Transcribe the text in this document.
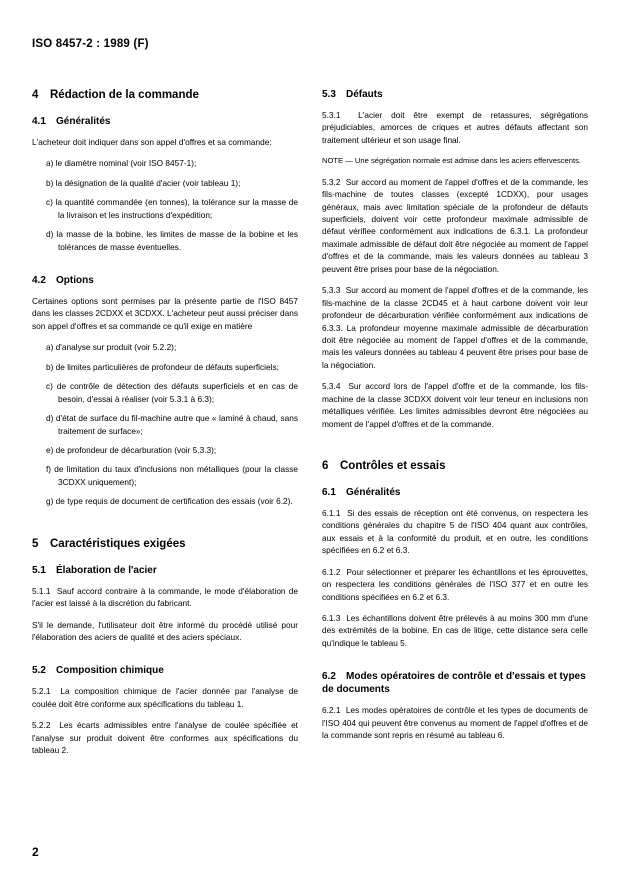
ISO 8457-2 : 1989 (F)
4 Rédaction de la commande
4.1 Généralités

L'acheteur doit indiquer dans son appel d'offres et sa commande:

a) le diamètre nominal (voir ISO 8457-1);
b) la désignation de la qualité d'acier (voir tableau 1);
c) la quantité commandée (en tonnes), la tolérance sur la masse de la livraison et les instructions d'expédition;
d) la masse de la bobine, les limites de masse de la bobine et les tolérances de masse éventuelles.
4.2 Options

Certaines options sont permises par la présente partie de l'ISO 8457 dans les classes 2CDXX et 3CDXX. L'acheteur peut aussi préciser dans son appel d'offres et sa commande ce qu'il exige en matière

a) d'analyse sur produit (voir 5.2.2);
b) de limites particulières de profondeur de défauts superficiels;
c) de contrôle de détection des défauts superficiels et en cas de besoin, d'essai à réaliser (voir 5.3.1 à 6.3);
d) d'état de surface du fil-machine autre que « laminé à chaud, sans traitement de surface»;
e) de profondeur de décarburation (voir 5.3.3);
f) de limitation du taux d'inclusions non métalliques (pour la classe 3CDXX uniquement);
g) de type requis de document de certification des essais (voir 6.2).
5 Caractéristiques exigées
5.1 Élaboration de l'acier

5.1.1 Sauf accord contraire à la commande, le mode d'élaboration de l'acier est laissé à la discrétion du fabricant.

S'il le demande, l'utilisateur doit être informé du procédé utilisé pour l'élaboration des aciers de qualité et des aciers spéciaux.

5.2 Composition chimique

5.2.1 La composition chimique de l'acier donnée par l'analyse de coulée doit être conforme aux spécifications du tableau 1.

5.2.2 Les écarts admissibles entre l'analyse de coulée spécifiée et l'analyse sur produit doivent être conformes aux spécifications du tableau 2.

5.3 Défauts

5.3.1 L'acier doit être exempt de retassures, ségrégations préjudiciables, amorces de criques et autres défauts affectant son traitement ultérieur et son usage final.

NOTE — Une ségrégation normale est admise dans les aciers effervescents.

5.3.2 Sur accord au moment de l'appel d'offres et de la commande, les fils-machine de toutes classes (excepté 1CDXX), pour usages généraux, mais avec limitation spéciale de la profondeur de défauts superficiels, doivent voir cette profondeur maximale admissible de défaut vérifiee conformément aux indications de 6.3.1. La profondeur maximale admissible de défaut doit être négociée au moment de l'appel d'offres et de la commande, mais les valeurs données au tableau 3 peuvent être prises pour base de la négociation.

5.3.3 Sur accord au moment de l'appel d'offres et de la commande, les fils-machine de la classe 2CD45 et à haut carbone doivent voir leur profondeur de décarburation vérifiée conformément aux indications de 6.3.3. La profondeur moyenne maximale admissible de décarburation doit être négociée au moment de l'appel d'offres et de la commande, mais les valeurs données au tableau 4 peuvent être prises pour base de la négociation.

5.3.4 Sur accord lors de l'appel d'offre et de la commande, los fils-machine de la classe 3CDXX doivent voir leur teneur en inclusions non métalliques vérifiée. Les limites admissibles devront être négociées au moment de l'appel d'offres et de la commande.

6 Contrôles et essais
6.1 Généralités

6.1.1 Si des essais de réception ont été convenus, on respectera les conditions générales du chapitre 5 de l'ISO 404 quant aux contrôles, aux essais et à la conformité du produit, et en outre, les conditions spécifiées en 6.2 et 6.3.

6.1.2 Pour sélectionner et préparer les échantillons et les éprouvettes, on respectera les conditions générales de l'ISO 377 et en outre les conditions spécifiées en 6.2 et 6.3.

6.1.3 Les échantillons doivent être prélevés à au moins 300 mm d'une des extrémités de la bobine. En cas de litige, cette distance sera celle qu'indique le tableau 5.

6.2 Modes opératoires de contrôle et d'essais et types de documents

6.2.1 Les modes opératoires de contrôle et les types de documents de l'ISO 404 qui peuvent être convenus au moment de l'appel d'offres et de la commande sont repris en résumé au tableau 6.

2
